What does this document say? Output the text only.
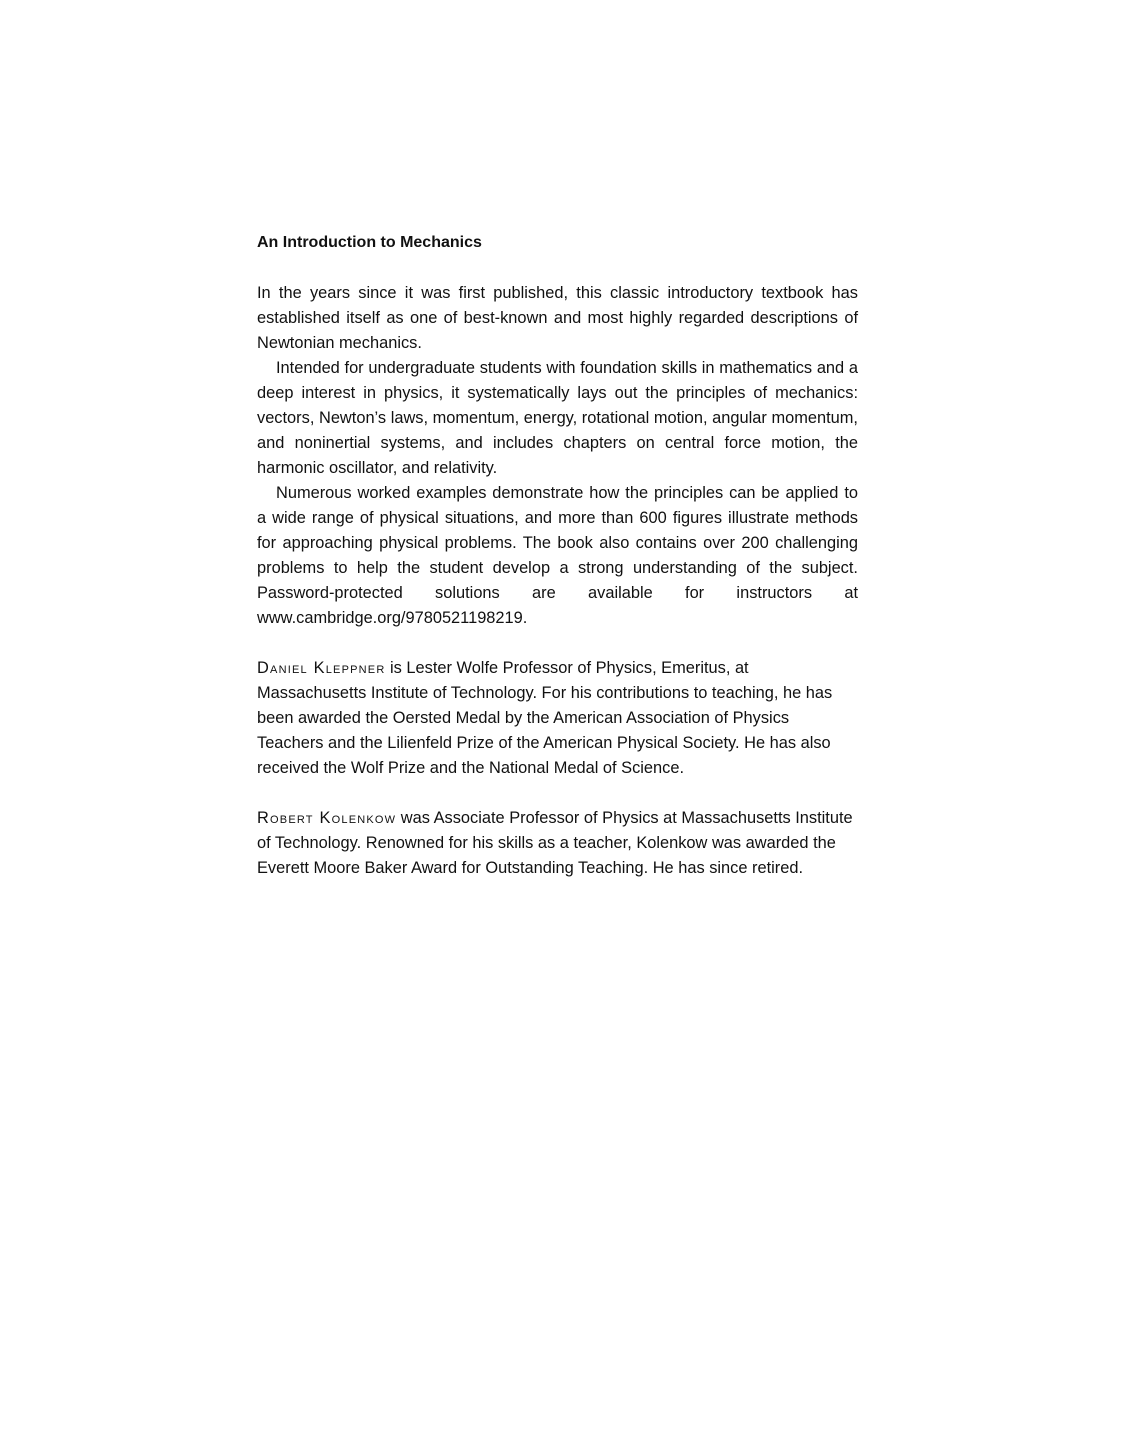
An Introduction to Mechanics

In the years since it was first published, this classic introductory textbook has established itself as one of best-known and most highly regarded descriptions of Newtonian mechanics.

Intended for undergraduate students with foundation skills in mathematics and a deep interest in physics, it systematically lays out the principles of mechanics: vectors, Newton’s laws, momentum, energy, rotational motion, angular momentum, and noninertial systems, and includes chapters on central force motion, the harmonic oscillator, and relativity.

Numerous worked examples demonstrate how the principles can be applied to a wide range of physical situations, and more than 600 figures illustrate methods for approaching physical problems. The book also contains over 200 challenging problems to help the student develop a strong understanding of the subject. Password-protected solutions are available for instructors at www.cambridge.org/9780521198219.

Daniel Kleppner is Lester Wolfe Professor of Physics, Emeritus, at Massachusetts Institute of Technology. For his contributions to teaching, he has been awarded the Oersted Medal by the American Association of Physics Teachers and the Lilienfeld Prize of the American Physical Society. He has also received the Wolf Prize and the National Medal of Science.

Robert Kolenkow was Associate Professor of Physics at Massachusetts Institute of Technology. Renowned for his skills as a teacher, Kolenkow was awarded the Everett Moore Baker Award for Outstanding Teaching. He has since retired.
